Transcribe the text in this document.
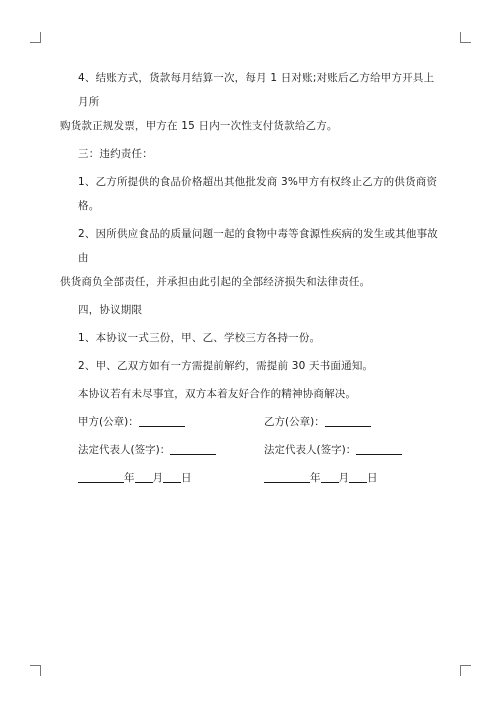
4、结账方式，货款每月结算一次，每月 1 日对账;对账后乙方给甲方开具上月所
购货款正规发票，甲方在 15 日内一次性支付货款给乙方。
三：违约责任：
1、乙方所提供的食品价格超出其他批发商 3%甲方有权终止乙方的供货商资格。
2、因所供应食品的质量问题一起的食物中毒等食源性疾病的发生或其他事故由
供货商负全部责任，并承担由此引起的全部经济损失和法律责任。
四，协议期限
1、本协议一式三份，甲、乙、学校三方各持一份。
2、甲、乙双方如有一方需提前解约，需提前 30 天书面通知。
本协议若有未尽事宜，双方本着友好合作的精神协商解决。
甲方(公章)：	乙方(公章)：
法定代表人(签字)：	法定代表人(签字)：
年 月 日	年 月 日
